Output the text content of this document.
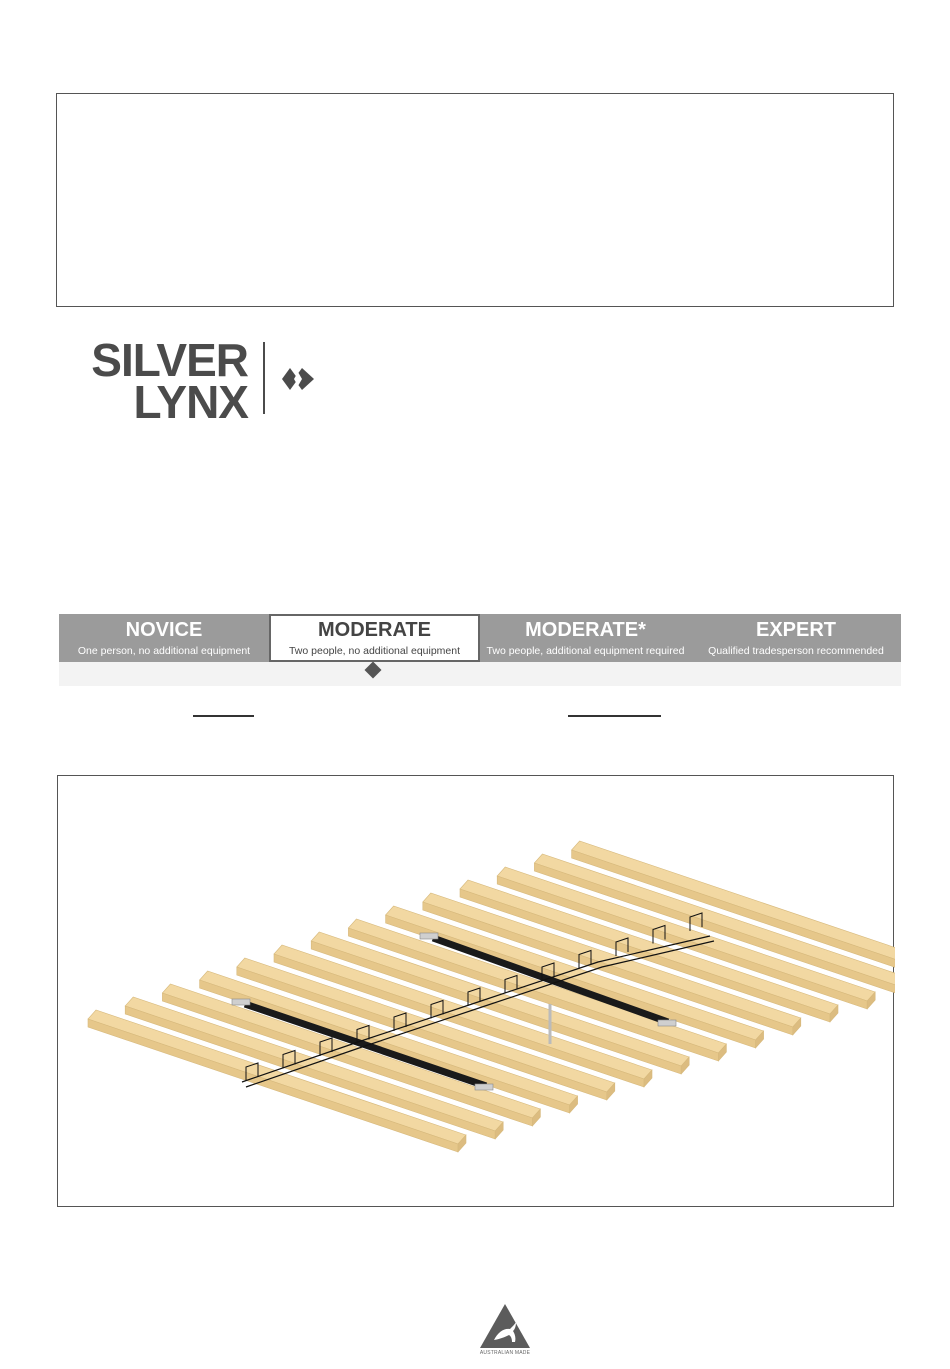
SILVER
LYNX
NOVICE
One person, no additional equipment
MODERATE
Two people, no additional equipment
MODERATE*
Two people, additional equipment required
EXPERT
Qualified tradesperson recommended
AUSTRALIAN MADE
